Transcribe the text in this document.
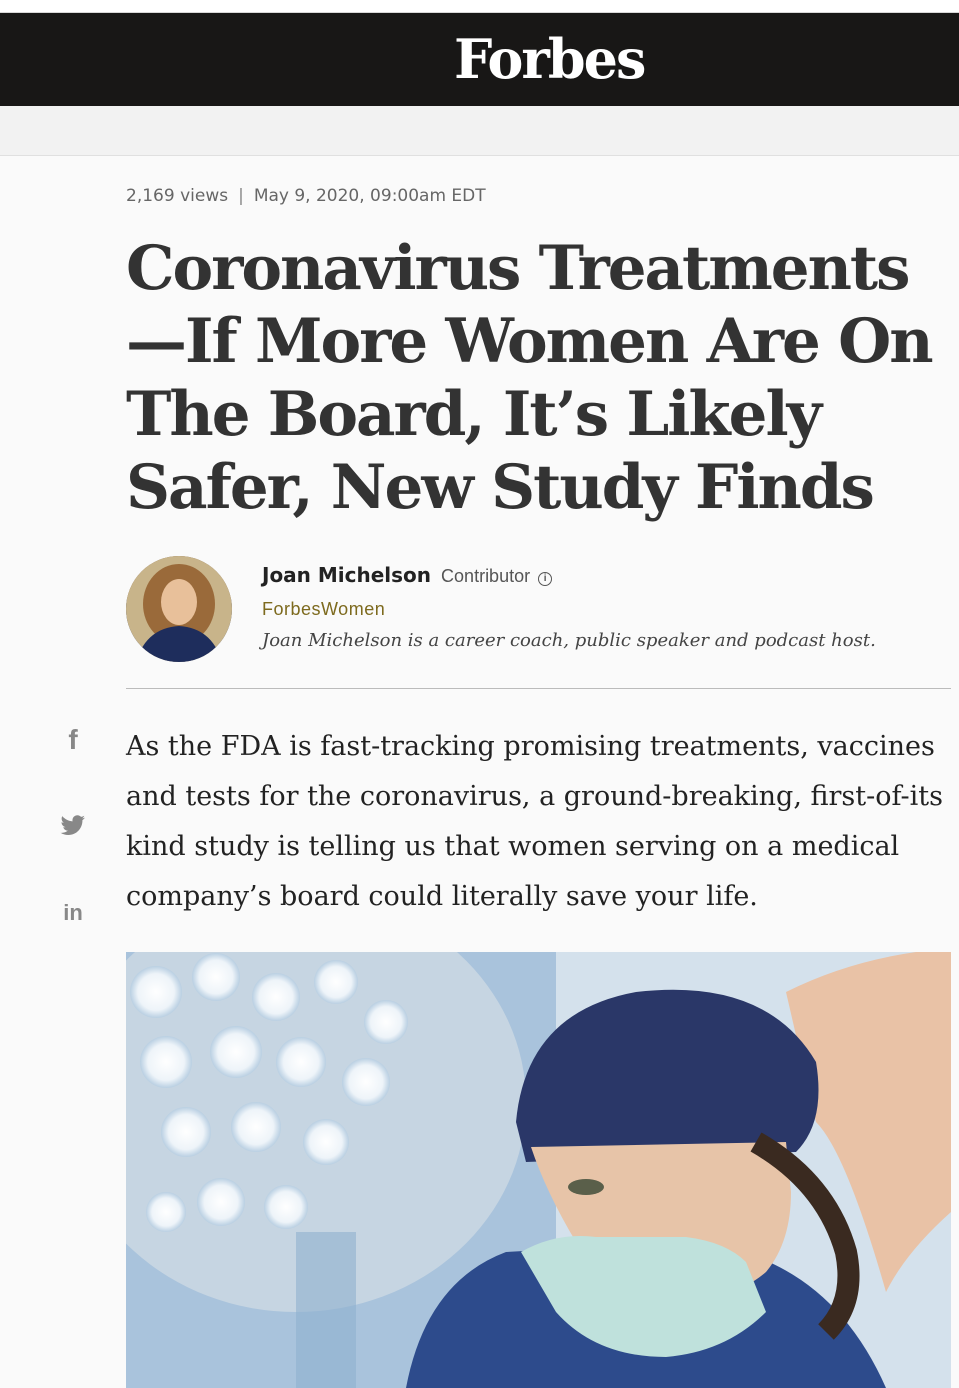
Forbes
2,169 views | May 9, 2020, 09:00am EDT
Coronavirus Treatments—If More Women Are On The Board, It’s Likely Safer, New Study Finds
Joan Michelson Contributor	i
ForbesWomen
Joan Michelson is a career coach, public speaker and podcast host.
f
in

As the FDA is fast-tracking promising treatments, vaccines and tests for the coronavirus, a ground-breaking, first-of-its kind study is telling us that women serving on a medical company’s board could literally save your life.
